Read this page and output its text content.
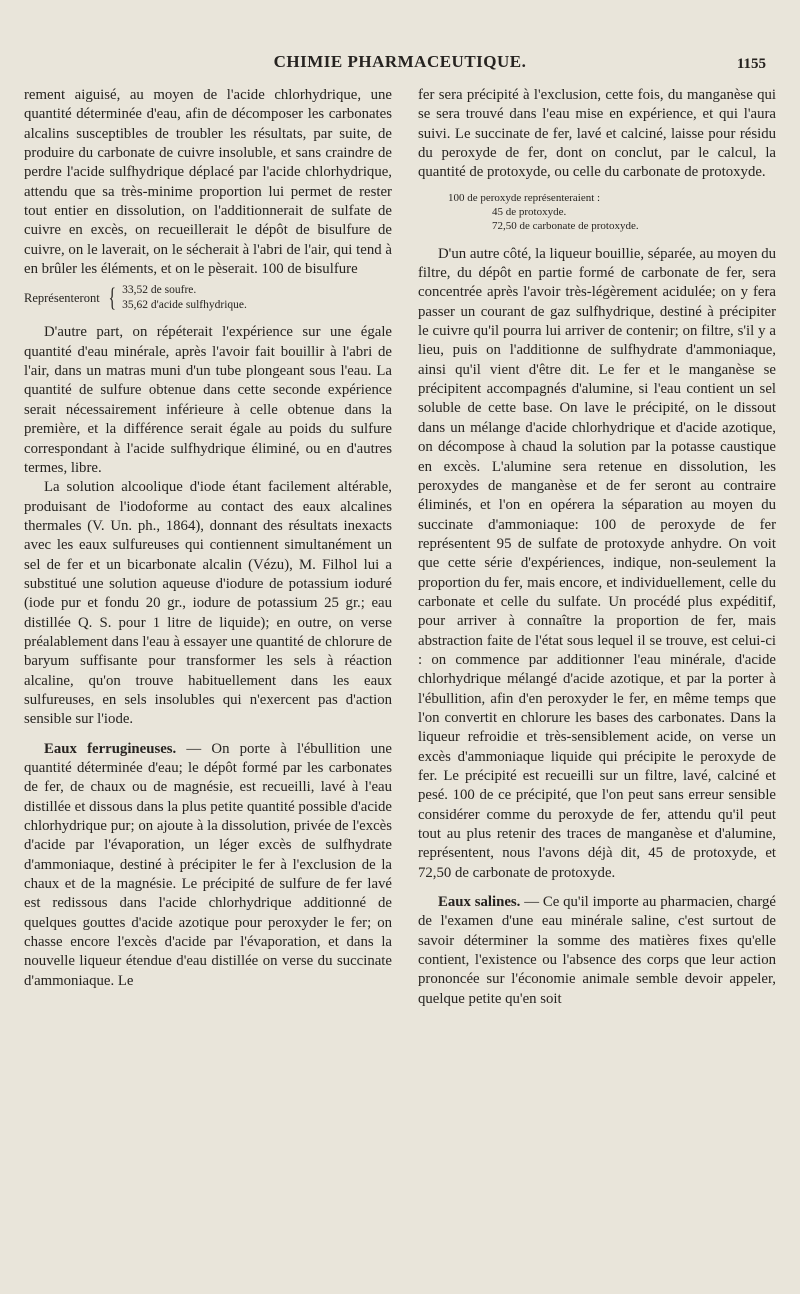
CHIMIE PHARMACEUTIQUE.	1155

rement aiguisé, au moyen de l'acide chlorhydrique, une quantité déterminée d'eau, afin de décomposer les carbonates alcalins susceptibles de troubler les résultats, par suite, de produire du carbonate de cuivre insoluble, et sans craindre de perdre l'acide sulfhydrique déplacé par l'acide chlorhydrique, attendu que sa très-minime proportion lui permet de rester tout entier en dissolution, on l'additionnerait de sulfate de cuivre en excès, on recueillerait le dépôt de bisulfure de cuivre, on le laverait, on le sécherait à l'abri de l'air, qui tend à en brûler les éléments, et on le pèserait. 100 de bisulfure

Représenteront { 33,52 de soufre.
35,62 d'acide sulfhydrique.

D'autre part, on répéterait l'expérience sur une égale quantité d'eau minérale, après l'avoir fait bouillir à l'abri de l'air, dans un matras muni d'un tube plongeant sous l'eau. La quantité de sulfure obtenue dans cette seconde expérience serait nécessairement inférieure à celle obtenue dans la première, et la différence serait égale au poids du sulfure correspondant à l'acide sulfhydrique éliminé, ou en d'autres termes, libre.

La solution alcoolique d'iode étant facilement altérable, produisant de l'iodoforme au contact des eaux alcalines thermales (V. Un. ph., 1864), donnant des résultats inexacts avec les eaux sulfureuses qui contiennent simultanément un sel de fer et un bicarbonate alcalin (Vézu), M. Filhol lui a substitué une solution aqueuse d'iodure de potassium ioduré (iode pur et fondu 20 gr., iodure de potassium 25 gr.; eau distillée Q. S. pour 1 litre de liquide); en outre, on verse préalablement dans l'eau à essayer une quantité de chlorure de baryum suffisante pour transformer les sels à réaction alcaline, qu'on trouve habituellement dans les eaux sulfureuses, en sels insolubles qui n'exercent pas d'action sensible sur l'iode.

Eaux ferrugineuses. — On porte à l'ébullition une quantité déterminée d'eau; le dépôt formé par les carbonates de fer, de chaux ou de magnésie, est recueilli, lavé à l'eau distillée et dissous dans la plus petite quantité possible d'acide chlorhydrique pur; on ajoute à la dissolution, privée de l'excès d'acide par l'évaporation, un léger excès de sulfhydrate d'ammoniaque, destiné à précipiter le fer à l'exclusion de la chaux et de la magnésie. Le précipité de sulfure de fer lavé est redissous dans l'acide chlorhydrique additionné de quelques gouttes d'acide azotique pour peroxyder le fer; on chasse encore l'excès d'acide par l'évaporation, et dans la nouvelle liqueur étendue d'eau distillée on verse du succinate d'ammoniaque. Le

fer sera précipité à l'exclusion, cette fois, du manganèse qui se sera trouvé dans l'eau mise en expérience, et qui l'aura suivi. Le succinate de fer, lavé et calciné, laisse pour résidu du peroxyde de fer, dont on conclut, par le calcul, la quantité de protoxyde, ou celle du carbonate de protoxyde.

100 de peroxyde représenteraient :
45 de protoxyde.
72,50 de carbonate de protoxyde.

D'un autre côté, la liqueur bouillie, séparée, au moyen du filtre, du dépôt en partie formé de carbonate de fer, sera concentrée après l'avoir très-légèrement acidulée; on y fera passer un courant de gaz sulfhydrique, destiné à précipiter le cuivre qu'il pourra lui arriver de contenir; on filtre, s'il y a lieu, puis on l'additionne de sulfhydrate d'ammoniaque, ainsi qu'il vient d'être dit. Le fer et le manganèse se précipitent accompagnés d'alumine, si l'eau contient un sel soluble de cette base. On lave le précipité, on le dissout dans un mélange d'acide chlorhydrique et d'acide azotique, on décompose à chaud la solution par la potasse caustique en excès. L'alumine sera retenue en dissolution, les peroxydes de manganèse et de fer seront au contraire éliminés, et l'on en opérera la séparation au moyen du succinate d'ammoniaque: 100 de peroxyde de fer représentent 95 de sulfate de protoxyde anhydre. On voit que cette série d'expériences, indique, non-seulement la proportion du fer, mais encore, et individuellement, celle du carbonate et celle du sulfate. Un procédé plus expéditif, pour arriver à connaître la proportion de fer, mais abstraction faite de l'état sous lequel il se trouve, est celui-ci : on commence par additionner l'eau minérale, d'acide chlorhydrique mélangé d'acide azotique, et par la porter à l'ébullition, afin d'en peroxyder le fer, en même temps que l'on convertit en chlorure les bases des carbonates. Dans la liqueur refroidie et très-sensiblement acide, on verse un excès d'ammoniaque liquide qui précipite le peroxyde de fer. Le précipité est recueilli sur un filtre, lavé, calciné et pesé. 100 de ce précipité, que l'on peut sans erreur sensible considérer comme du peroxyde de fer, attendu qu'il peut tout au plus retenir des traces de manganèse et d'alumine, représentent, nous l'avons déjà dit, 45 de protoxyde, et 72,50 de carbonate de protoxyde.

Eaux salines. — Ce qu'il importe au pharmacien, chargé de l'examen d'une eau minérale saline, c'est surtout de savoir déterminer la somme des matières fixes qu'elle contient, l'existence ou l'absence des corps que leur action prononcée sur l'économie animale semble devoir appeler, quelque petite qu'en soit
